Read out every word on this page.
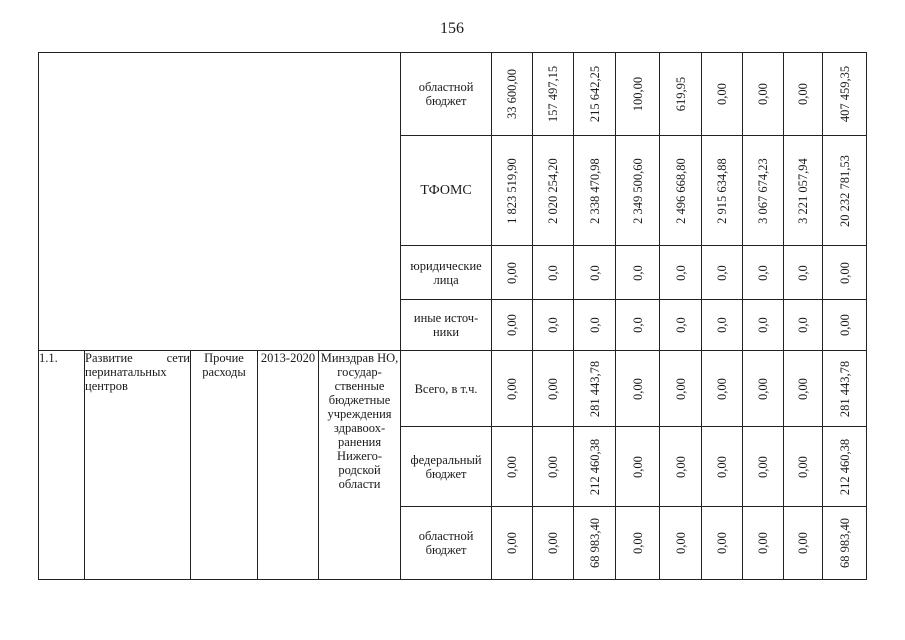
156
					областной бюджет	33 600,00	157 497,15	215 642,25	100,00	619,95	0,00	0,00	0,00	407 459,35

					ТФОМС	1 823 519,90	2 020 254,20	2 338 470,98	2 349 500,60	2 496 668,80	2 915 634,88	3 067 674,23	3 221 057,94	20 232 781,53

					юридические лица	0,00	0,0	0,0	0,0	0,0	0,0	0,0	0,0	0,00

					иные источ-ники	0,00	0,0	0,0	0,0	0,0	0,0	0,0	0,0	0,00

1.1.	Развитие сети перинатальных центров	Прочие расходы	2013-2020	Минздрав НО, государ-ственные бюджетные учреждения здравоох-ранения Нижего-родской области	Всего, в т.ч.	0,00	0,00	281 443,78	0,00	0,00	0,00	0,00	0,00	281 443,78

					федеральный бюджет	0,00	0,00	212 460,38	0,00	0,00	0,00	0,00	0,00	212 460,38

					областной бюджет	0,00	0,00	68 983,40	0,00	0,00	0,00	0,00	0,00	68 983,40
